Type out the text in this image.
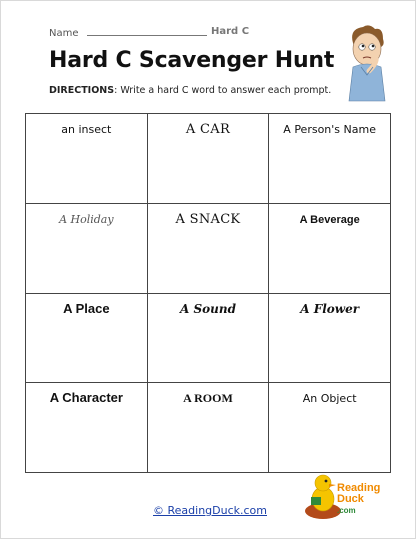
Name	Hard C
Hard C Scavenger Hunt
DIRECTIONS: Write a hard C word to answer each prompt.
an insect	A CAR	A Person's Name
A Holiday	A SNACK	A Beverage
A Place	A Sound	A Flower
A Character	A ROOM	An Object
© ReadingDuck.com
Reading
Duck
.com
